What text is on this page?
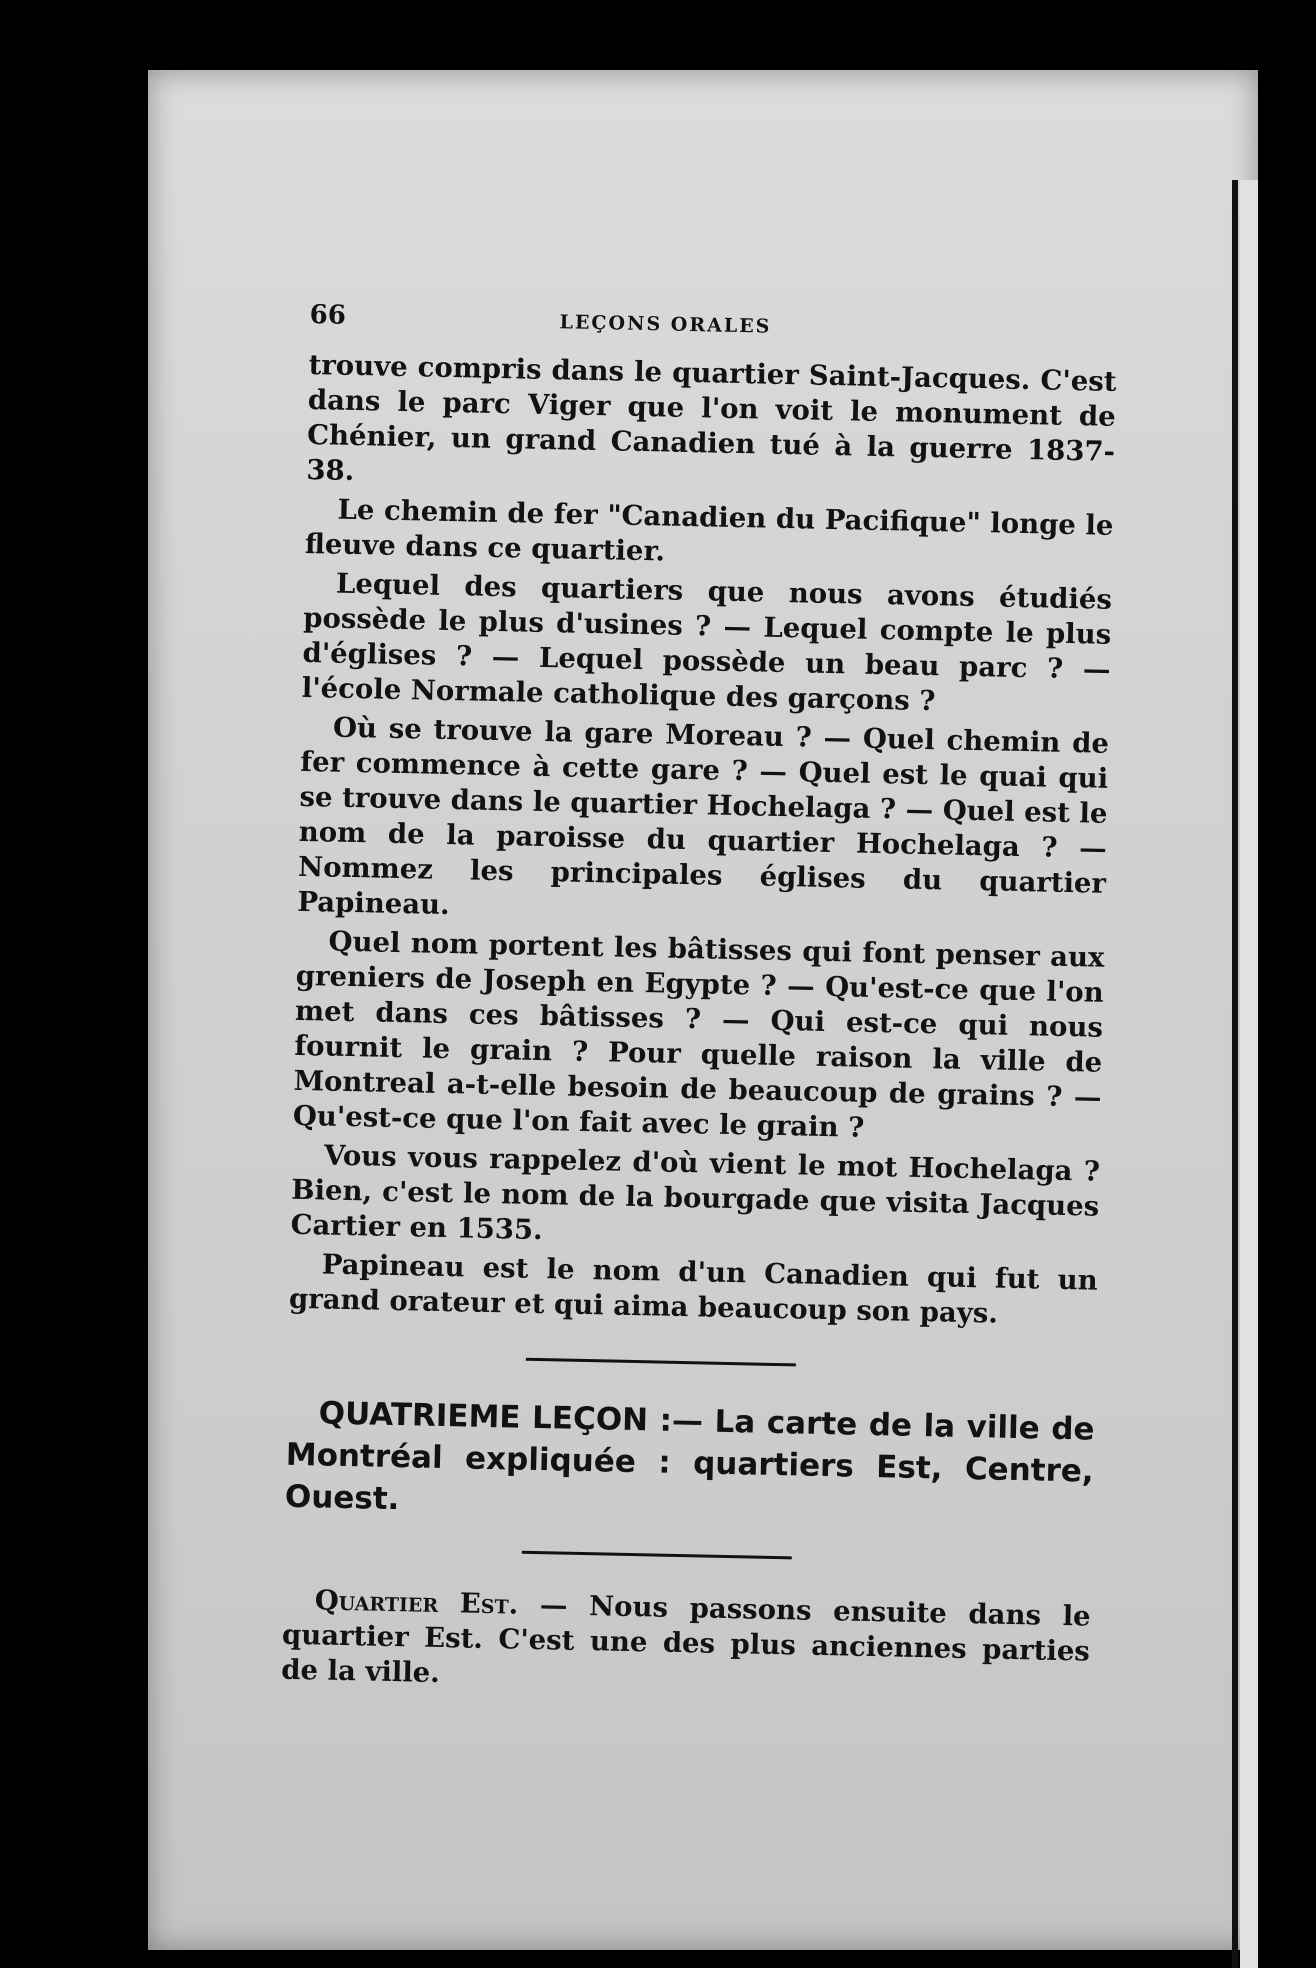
66	LEÇONS ORALES

trouve compris dans le quartier Saint-Jacques. C'est dans le parc Viger que l'on voit le monument de Chénier, un grand Canadien tué à la guerre 1837-38.

Le chemin de fer "Canadien du Pacifique" longe le fleuve dans ce quartier.

Lequel des quartiers que nous avons étudiés possède le plus d'usines ? — Lequel compte le plus d'églises ? — Lequel possède un beau parc ? — l'école Normale catholique des garçons ?

Où se trouve la gare Moreau ? — Quel chemin de fer commence à cette gare ? — Quel est le quai qui se trouve dans le quartier Hochelaga ? — Quel est le nom de la paroisse du quartier Hochelaga ? — Nommez les principales églises du quartier Papineau.

Quel nom portent les bâtisses qui font penser aux greniers de Joseph en Egypte ? — Qu'est-ce que l'on met dans ces bâtisses ? — Qui est-ce qui nous fournit le grain ? Pour quelle raison la ville de Montreal a-t-elle besoin de beaucoup de grains ? — Qu'est-ce que l'on fait avec le grain ?

Vous vous rappelez d'où vient le mot Hochelaga ? Bien, c'est le nom de la bourgade que visita Jacques Cartier en 1535.

Papineau est le nom d'un Canadien qui fut un grand orateur et qui aima beaucoup son pays.

QUATRIEME LEÇON :— La carte de la ville de Montréal expliquée : quartiers Est, Centre, Ouest.

Quartier Est. — Nous passons ensuite dans le quartier Est. C'est une des plus anciennes parties de la ville.
